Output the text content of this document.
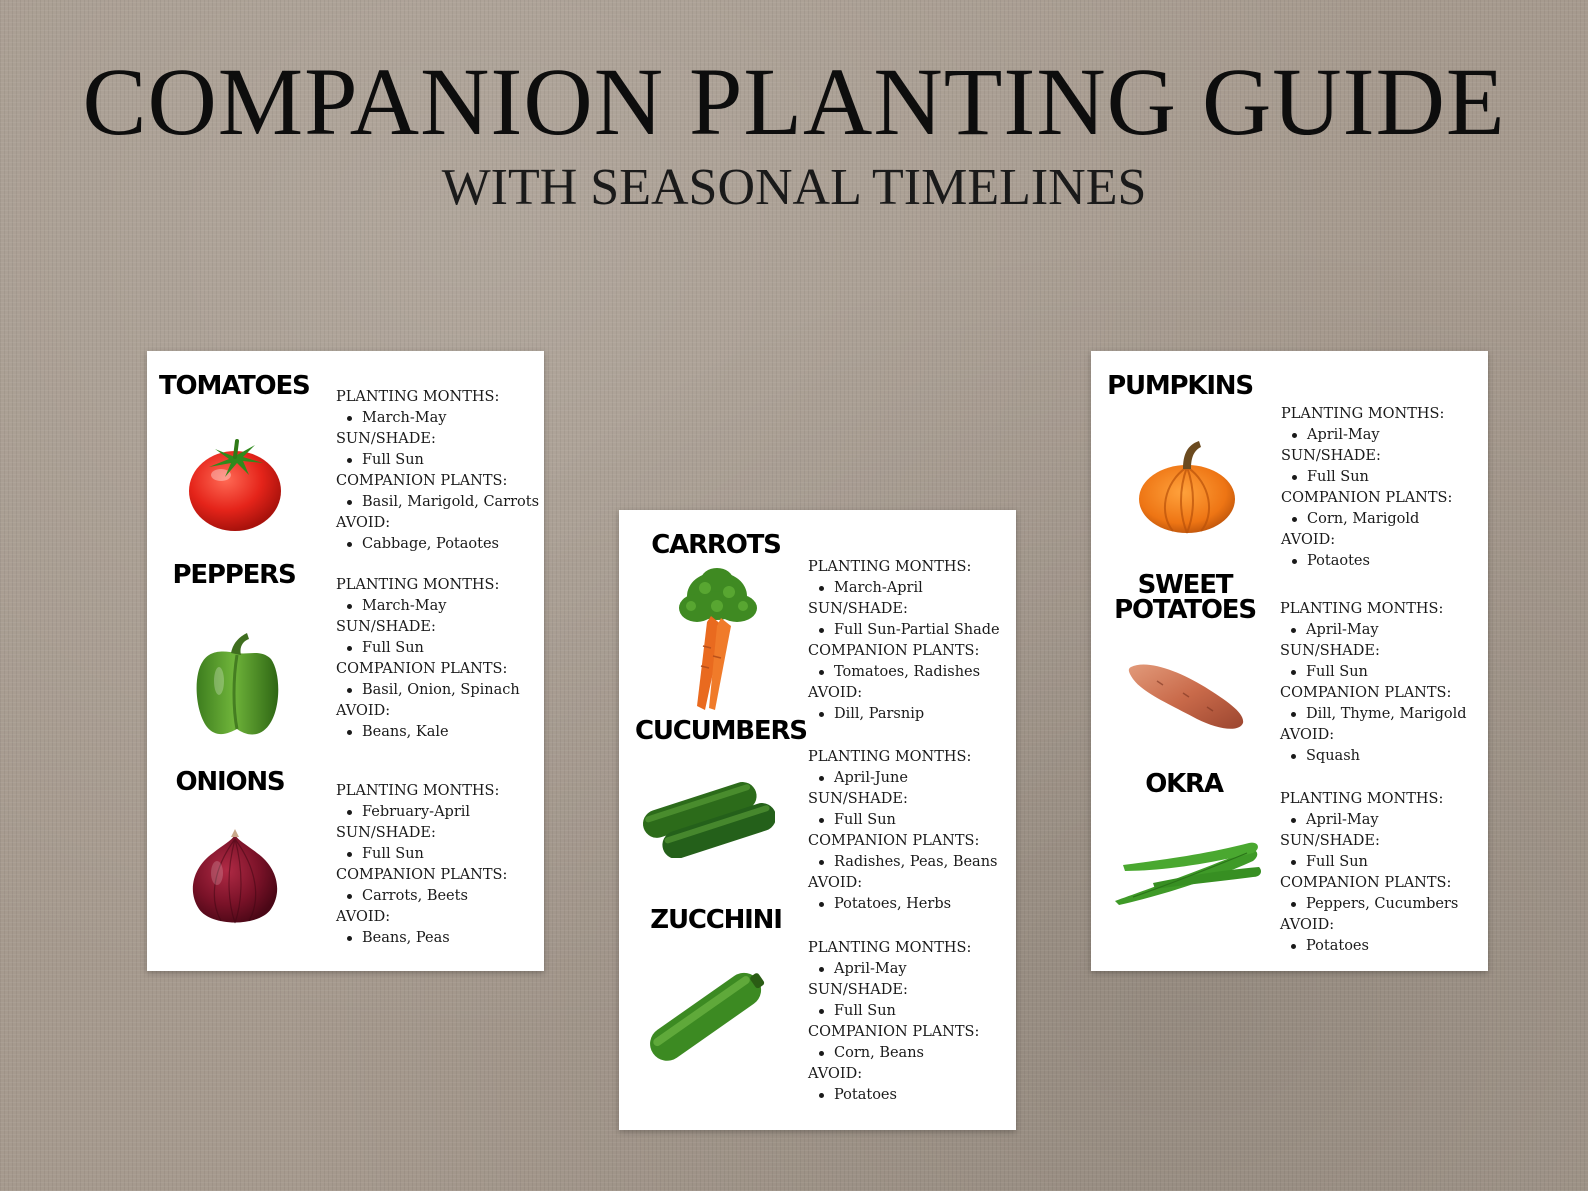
COMPANION PLANTING GUIDE
WITH SEASONAL TIMELINES
TOMATOES PLANTING MONTHS:
March-May
SUN/SHADE:
Full Sun
COMPANION PLANTS:
Basil, Marigold, Carrots
AVOID:
Cabbage, Potaotes
PEPPERS	PLANTING MONTHS:
March-May
SUN/SHADE:
Full Sun
COMPANION PLANTS:
Basil, Onion, Spinach
AVOID:
Beans, Kale
ONIONS	PLANTING MONTHS:
February-April
SUN/SHADE:
Full Sun
COMPANION PLANTS:
Carrots, Beets
AVOID:
Beans, Peas
CARROTS
PLANTING MONTHS:
March-April
SUN/SHADE:
Full Sun-Partial Shade
COMPANION PLANTS:
Tomatoes, Radishes
AVOID:
Dill, Parsnip
CUCUMBERS
PLANTING MONTHS:
April-June
SUN/SHADE:
Full Sun
COMPANION PLANTS:
Radishes, Peas, Beans
AVOID:
Potatoes, Herbs
ZUCCHINI
PLANTING MONTHS:
April-May
SUN/SHADE:
Full Sun
COMPANION PLANTS:
Corn, Beans
AVOID:
Potatoes
PUMPKINS
PLANTING MONTHS:
April-May
SUN/SHADE:
Full Sun
COMPANION PLANTS:
Corn, Marigold
AVOID:
Potaotes
SWEET
POTATOES	PLANTING MONTHS:
April-May
SUN/SHADE:
Full Sun
COMPANION PLANTS:
Dill, Thyme, Marigold
AVOID:
Squash
OKRA	PLANTING MONTHS:
April-May
SUN/SHADE:
Full Sun
COMPANION PLANTS:
Peppers, Cucumbers
AVOID:
Potatoes
